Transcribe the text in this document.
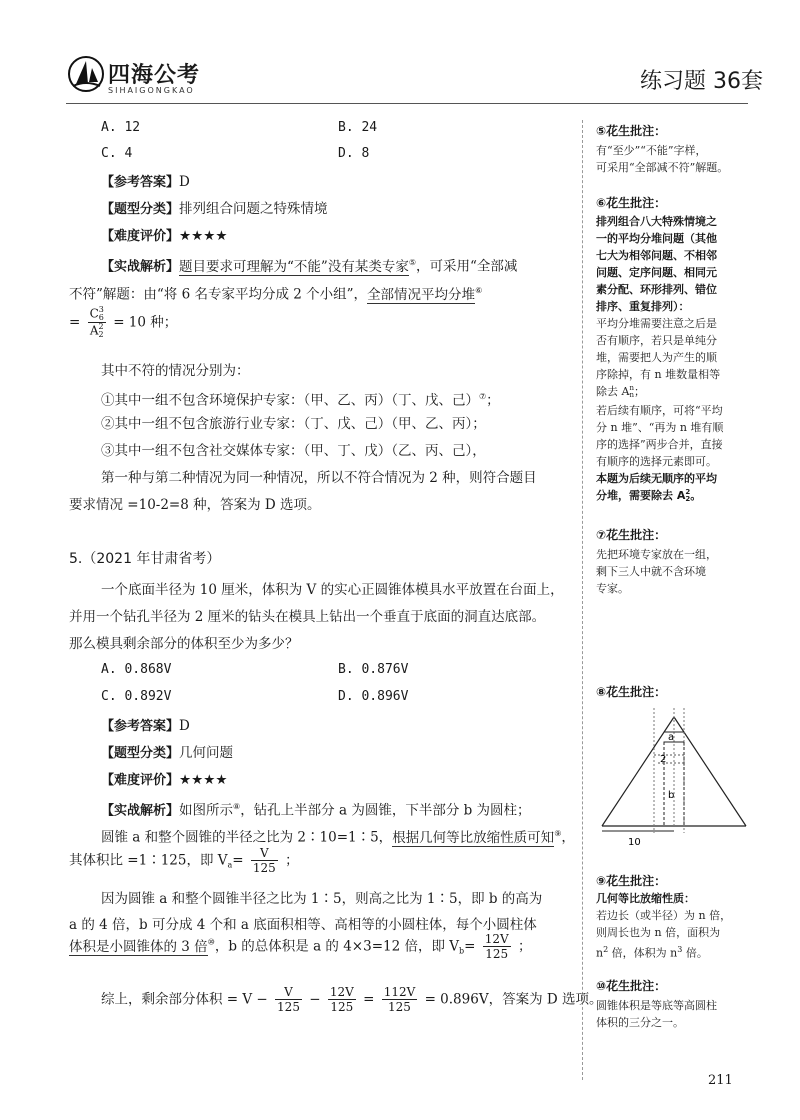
四海公考
SIHAIGONGKAO	练习题 36套
A. 12	B. 24
C. 4	D. 8
【参考答案】D
【题型分类】排列组合问题之特殊情境
【难度评价】★★★★
【实战解析】题目要求可理解为“不能”没有某类专家⑤，可采用“全部减
不符”解题：由“将 6 名专家平均分成 2 个小组”，全部情况平均分堆⑥
= C 3
6
A 2
2 = 10 种；
其中不符的情况分别为：
①其中一组不包含环境保护专家：（甲、乙、丙）（丁、戊、己）⑦；
②其中一组不包含旅游行业专家：（丁、戊、己）（甲、乙、丙）；
③其中一组不包含社交媒体专家：（甲、丁、戊）（乙、丙、己），
第一种与第二种情况为同一种情况，所以不符合情况为 2 种，则符合题目
要求情况 =10-2=8 种，答案为 D 选项。
5.（2021 年甘肃省考）
一个底面半径为 10 厘米，体积为 V 的实心正圆锥体模具水平放置在台面上，
并用一个钻孔半径为 2 厘米的钻头在模具上钻出一个垂直于底面的洞直达底部。
那么模具剩余部分的体积至少为多少？
A. 0.868V	B. 0.876V
C. 0.892V	D. 0.896V
【参考答案】D
【题型分类】几何问题
【难度评价】★★★★
【实战解析】如图所示⑧，钻孔上半部分 a 为圆锥，下半部分 b 为圆柱；
圆锥 a 和整个圆锥的半径之比为 2∶10=1∶5，根据几何等比放缩性质可知⑨，
其体积比 =1∶125，即 $V_a= \frac{V}{125}$ ；
因为圆锥 a 和整个圆锥半径之比为 1∶5，则高之比为 1∶5，即 b 的高为
a 的 4 倍，b 可分成 4 个和 a 底面积相等、高相等的小圆柱体，每个小圆柱体
体积是小圆锥体的 3 倍⑩，b 的总体积是 a 的 4×3=12 倍，即 $V_b= \frac{12V}{125}$ ；
综上，剩余部分体积 = $V - \frac{V}{125} - \frac{12V}{125} = \frac{112V}{125} = 0.896V$，答案为 D 选项。
⑤花生批注：
有“至少”“不能”字样，
可采用“全部减不符”解题。
⑥花生批注：
排列组合八大特殊情境之
一的平均分堆问题（其他
七大为相邻问题、不相邻
问题、定序问题、相同元
素分配、环形排列、错位
排序、重复排列）：
平均分堆需要注意之后是
否有顺序，若只是单纯分
堆，需要把人为产生的顺
序除掉，有 n 堆数量相等
除去 A n
n ；
若后续有顺序，可将“平均
分 n 堆”、“再为 n 堆有顺
序的选择”两步合并，直接
有顺序的选择元素即可。
本题为后续无顺序的平均
分堆，需要除去 A 2
2 。
⑦花生批注：
先把环境专家放在一组，
剩下三人中就不含环境
专家。
⑧花生批注：
a
2
b
10
⑨花生批注：
几何等比放缩性质：
若边长（或半径）为 n 倍，
则周长也为 n 倍，面积为
$n^2$ 倍，体积为 $n^3$ 倍。
⑩花生批注：
圆锥体积是等底等高圆柱
体积的三分之一。
211
